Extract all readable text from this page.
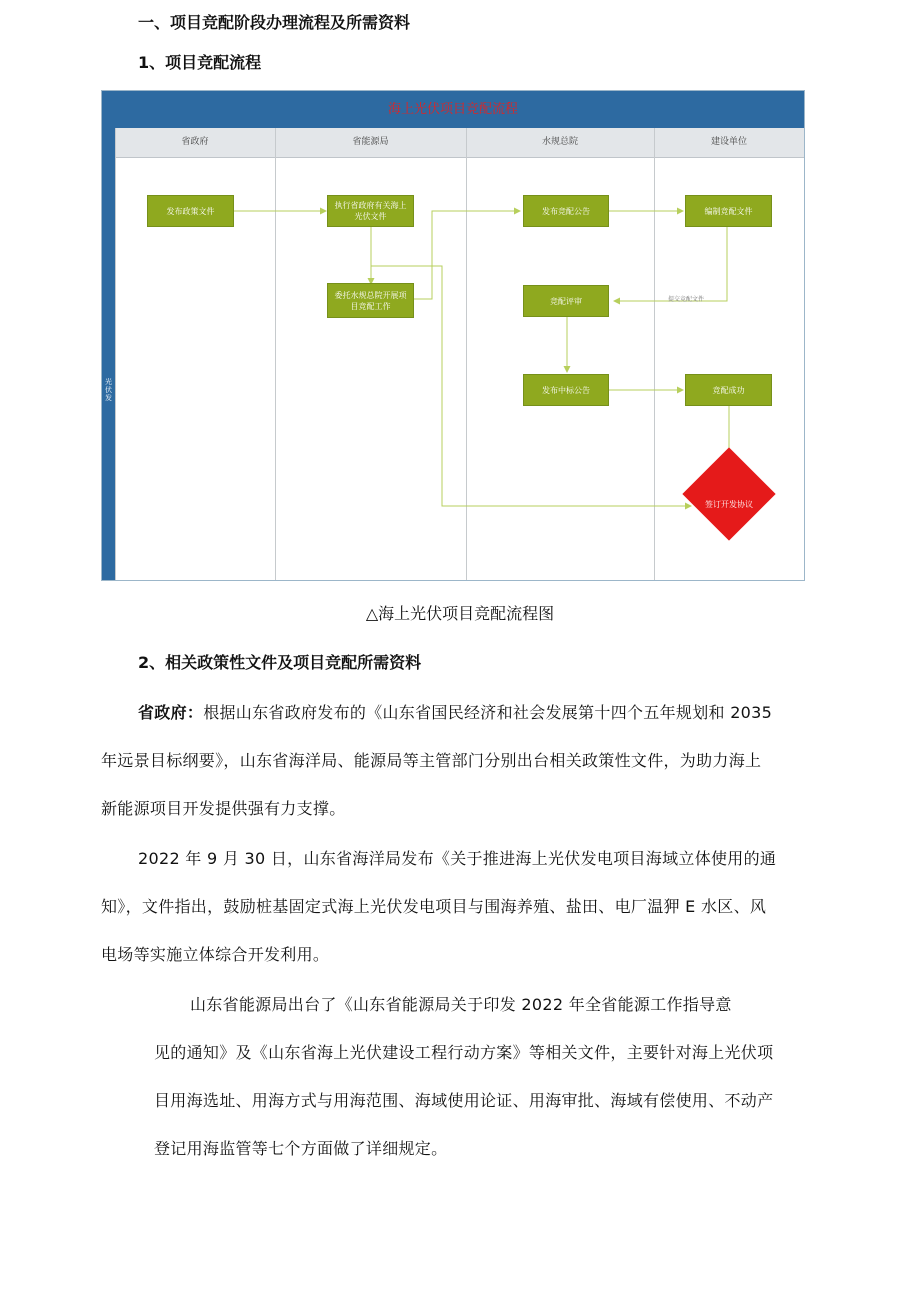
一、项目竞配阶段办理流程及所需资料
1、项目竞配流程
海上光伏项目竞配流程
光伏发
省政府	省能源局	水规总院	建设单位
发布政策文件
执行省政府有关海上光伏文件
委托水规总院开展项目竞配工作
发布竞配公告	编制竞配文件
竞配评审
发布中标公告	竞配成功
签订开发协议
提交竞配文件
△海上光伏项目竞配流程图
2、相关政策性文件及项目竞配所需资料
省政府：根据山东省政府发布的《山东省国民经济和社会发展第十四个五年规划和 2035
年远景目标纲要》，山东省海洋局、能源局等主管部门分别出台相关政策性文件，为助力海上
新能源项目开发提供强有力支撑。
2022 年 9 月 30 日，山东省海洋局发布《关于推进海上光伏发电项目海域立体使用的通
知》，文件指出，鼓励桩基固定式海上光伏发电项目与围海养殖、盐田、电厂温狎 E 水区、风
电场等实施立体综合开发利用。
山东省能源局出台了《山东省能源局关于印发 2022 年全省能源工作指导意
见的通知》及《山东省海上光伏建设工程行动方案》等相关文件，主要针对海上光伏项
目用海选址、用海方式与用海范围、海域使用论证、用海审批、海域有偿使用、不动产
登记用海监管等七个方面做了详细规定。
